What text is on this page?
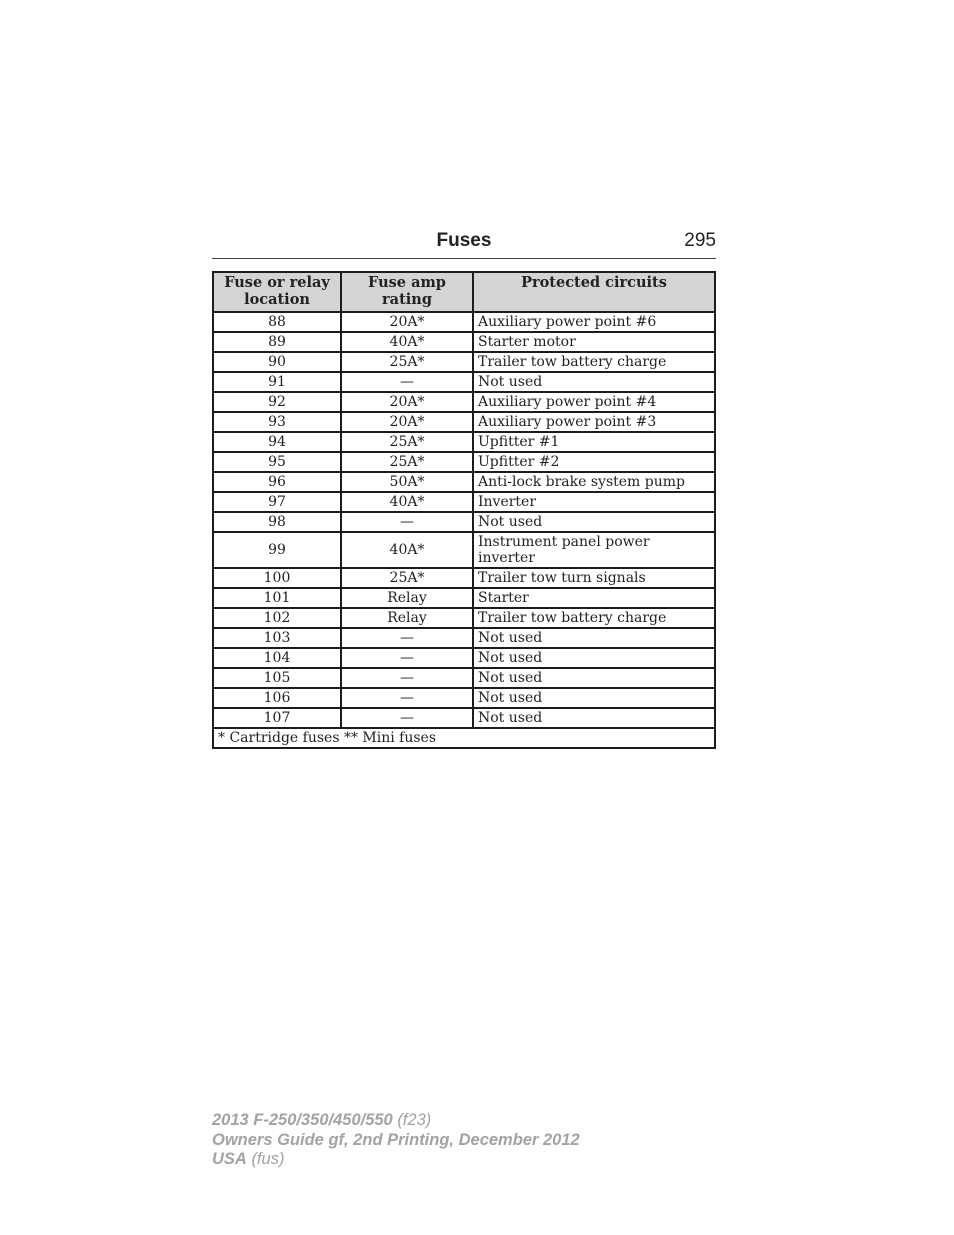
Fuses	295
Fuse or relay location	Fuse amp rating	Protected circuits
88	20A*	Auxiliary power point #6
89	40A*	Starter motor
90	25A*	Trailer tow battery charge
91	—	Not used
92	20A*	Auxiliary power point #4
93	20A*	Auxiliary power point #3
94	25A*	Upfitter #1
95	25A*	Upfitter #2
96	50A*	Anti-lock brake system pump
97	40A*	Inverter
98	—	Not used
99	40A*	Instrument panel power inverter
100	25A*	Trailer tow turn signals
101	Relay	Starter
102	Relay	Trailer tow battery charge
103	—	Not used
104	—	Not used
105	—	Not used
106	—	Not used
107	—	Not used
* Cartridge fuses ** Mini fuses		
2013 F-250/350/450/550 (f23)
Owners Guide gf, 2nd Printing, December 2012
USA (fus)
